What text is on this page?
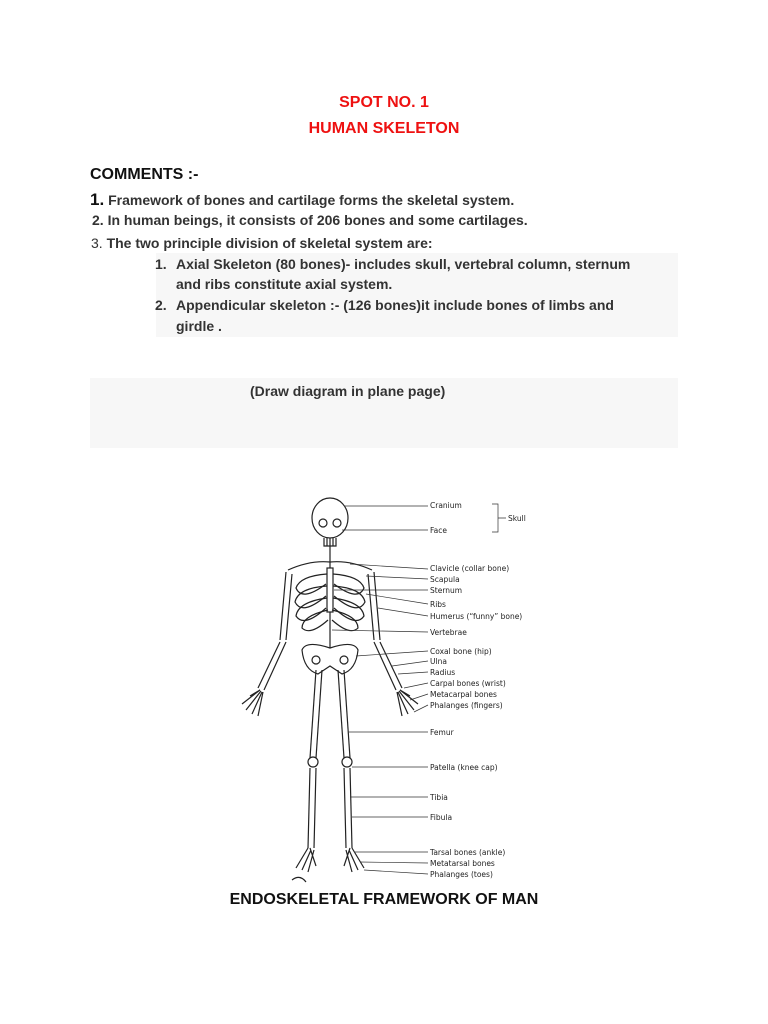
SPOT NO. 1
HUMAN SKELETON
COMMENTS :-
1. Framework of bones and cartilage forms the skeletal system.
2. In human beings, it consists of 206 bones and some cartilages.
3. The two principle division of skeletal system are:
1. Axial Skeleton (80 bones)- includes skull, vertebral column, sternum
and ribs constitute axial system.
2. Appendicular skeleton :- (126 bones)it include bones of limbs and
girdle .
(Draw diagram in plane page)
Cranium
Face
Skull
Clavicle (collar bone)
Scapula
Sternum
Ribs
Humerus (“funny” bone)
Vertebrae
Coxal bone (hip)
Ulna
Radius
Carpal bones (wrist)
Metacarpal bones
Phalanges (fingers)
Femur
Patella (knee cap)
Tibia
Fibula
Tarsal bones (ankle)
Metatarsal bones
Phalanges (toes)
ENDOSKELETAL FRAMEWORK OF MAN
